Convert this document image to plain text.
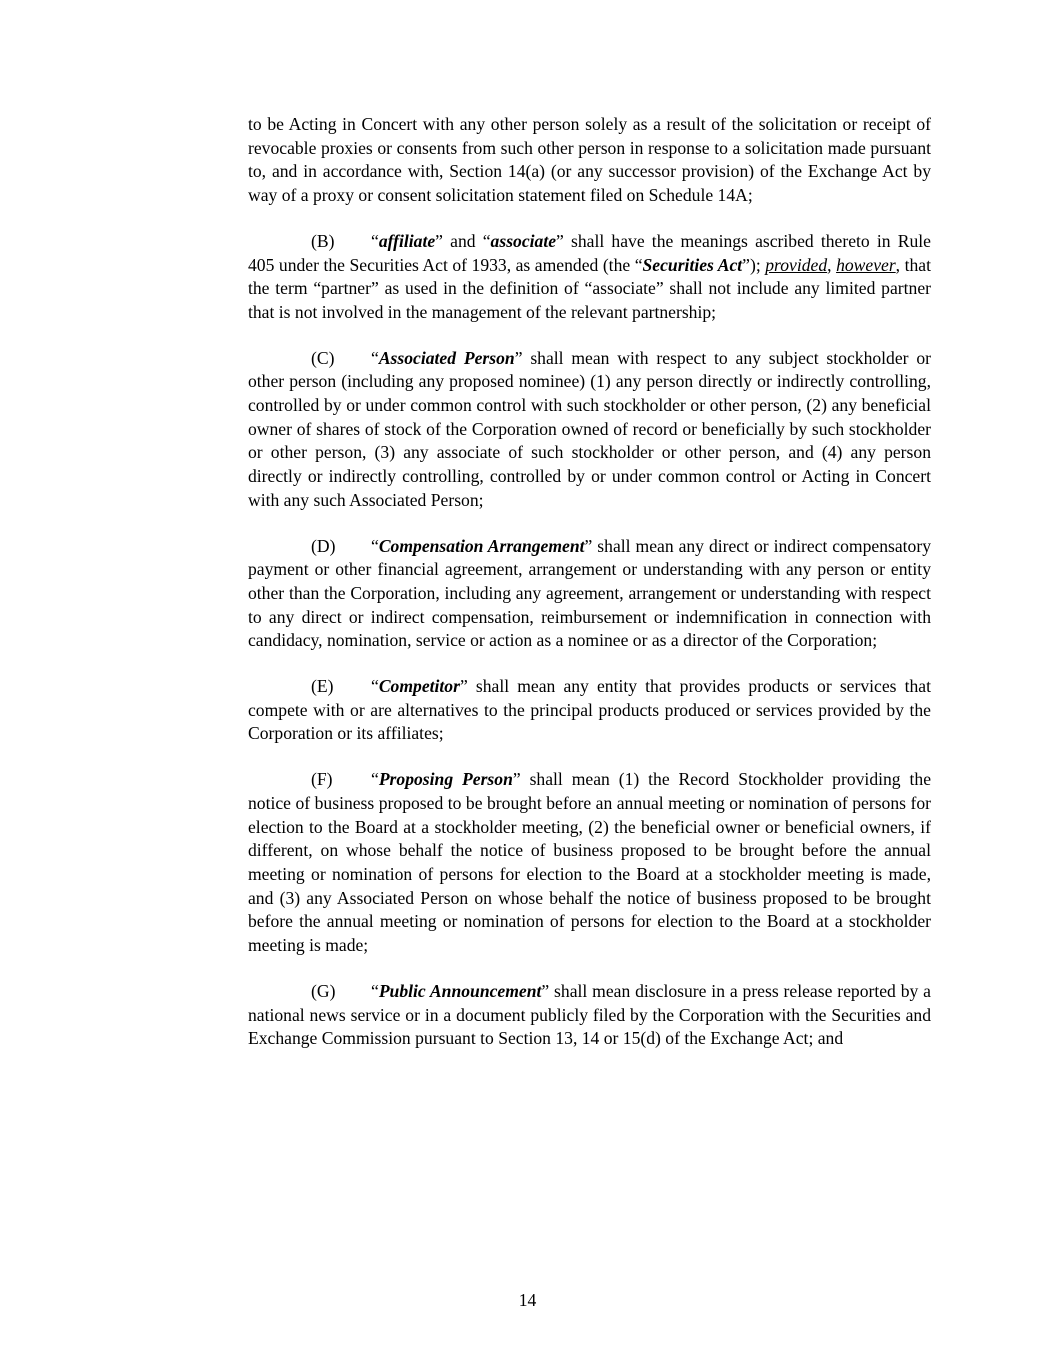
to be Acting in Concert with any other person solely as a result of the solicitation or receipt of revocable proxies or consents from such other person in response to a solicitation made pursuant to, and in accordance with, Section 14(a) (or any successor provision) of the Exchange Act by way of a proxy or consent solicitation statement filed on Schedule 14A;

(B) “affiliate” and “associate” shall have the meanings ascribed thereto in Rule 405 under the Securities Act of 1933, as amended (the “Securities Act”); provided, however, that the term “partner” as used in the definition of “associate” shall not include any limited partner that is not involved in the management of the relevant partnership;

(C) “Associated Person” shall mean with respect to any subject stockholder or other person (including any proposed nominee) (1) any person directly or indirectly controlling, controlled by or under common control with such stockholder or other person, (2) any beneficial owner of shares of stock of the Corporation owned of record or beneficially by such stockholder or other person, (3) any associate of such stockholder or other person, and (4) any person directly or indirectly controlling, controlled by or under common control or Acting in Concert with any such Associated Person;

(D) “Compensation Arrangement” shall mean any direct or indirect compensatory payment or other financial agreement, arrangement or understanding with any person or entity other than the Corporation, including any agreement, arrangement or understanding with respect to any direct or indirect compensation, reimbursement or indemnification in connection with candidacy, nomination, service or action as a nominee or as a director of the Corporation;

(E) “Competitor” shall mean any entity that provides products or services that compete with or are alternatives to the principal products produced or services provided by the Corporation or its affiliates;

(F) “Proposing Person” shall mean (1) the Record Stockholder providing the notice of business proposed to be brought before an annual meeting or nomination of persons for election to the Board at a stockholder meeting, (2) the beneficial owner or beneficial owners, if different, on whose behalf the notice of business proposed to be brought before the annual meeting or nomination of persons for election to the Board at a stockholder meeting is made, and (3) any Associated Person on whose behalf the notice of business proposed to be brought before the annual meeting or nomination of persons for election to the Board at a stockholder meeting is made;

(G) “Public Announcement” shall mean disclosure in a press release reported by a national news service or in a document publicly filed by the Corporation with the Securities and Exchange Commission pursuant to Section 13, 14 or 15(d) of the Exchange Act; and

14
